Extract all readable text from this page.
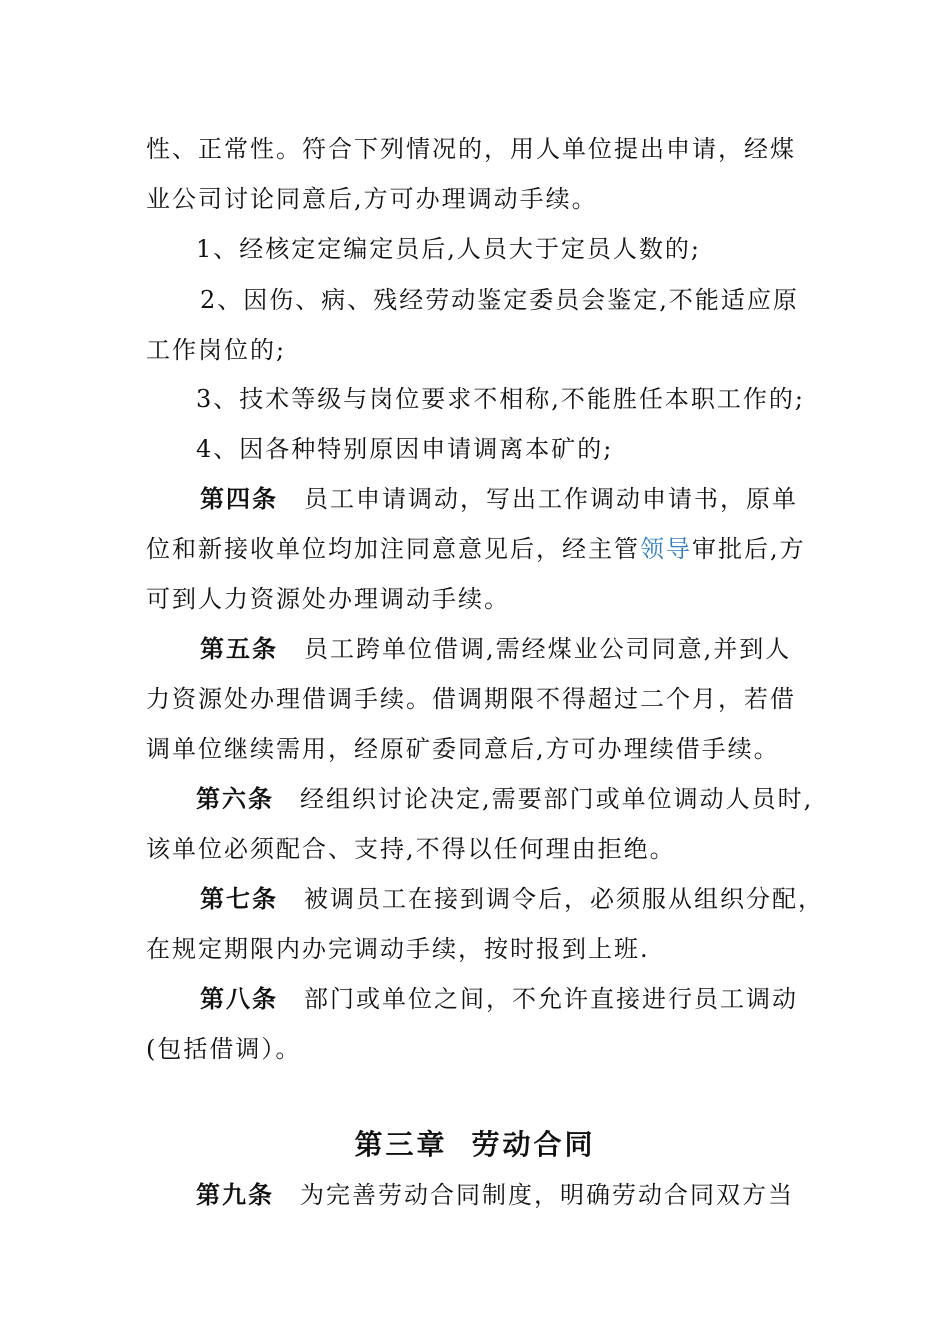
性、正常性。符合下列情况的，用人单位提出申请，经煤
业公司讨论同意后,方可办理调动手续。
1、经核定定编定员后,人员大于定员人数的;
2、因伤、病、残经劳动鉴定委员会鉴定,不能适应原
工作岗位的;
3、技术等级与岗位要求不相称,不能胜任本职工作的;
4、因各种特别原因申请调离本矿的;
第四条 员工申请调动，写出工作调动申请书，原单
位和新接收单位均加注同意意见后，经主管领导审批后,方
可到人力资源处办理调动手续。
第五条 员工跨单位借调,需经煤业公司同意,并到人
力资源处办理借调手续。借调期限不得超过二个月，若借
调单位继续需用，经原矿委同意后,方可办理续借手续。
第六条 经组织讨论决定,需要部门或单位调动人员时,
该单位必须配合、支持,不得以任何理由拒绝。
第七条 被调员工在接到调令后，必须服从组织分配，
在规定期限内办完调动手续，按时报到上班.
第八条 部门或单位之间，不允许直接进行员工调动
(包括借调）。
第三章 劳动合同
第九条 为完善劳动合同制度，明确劳动合同双方当
